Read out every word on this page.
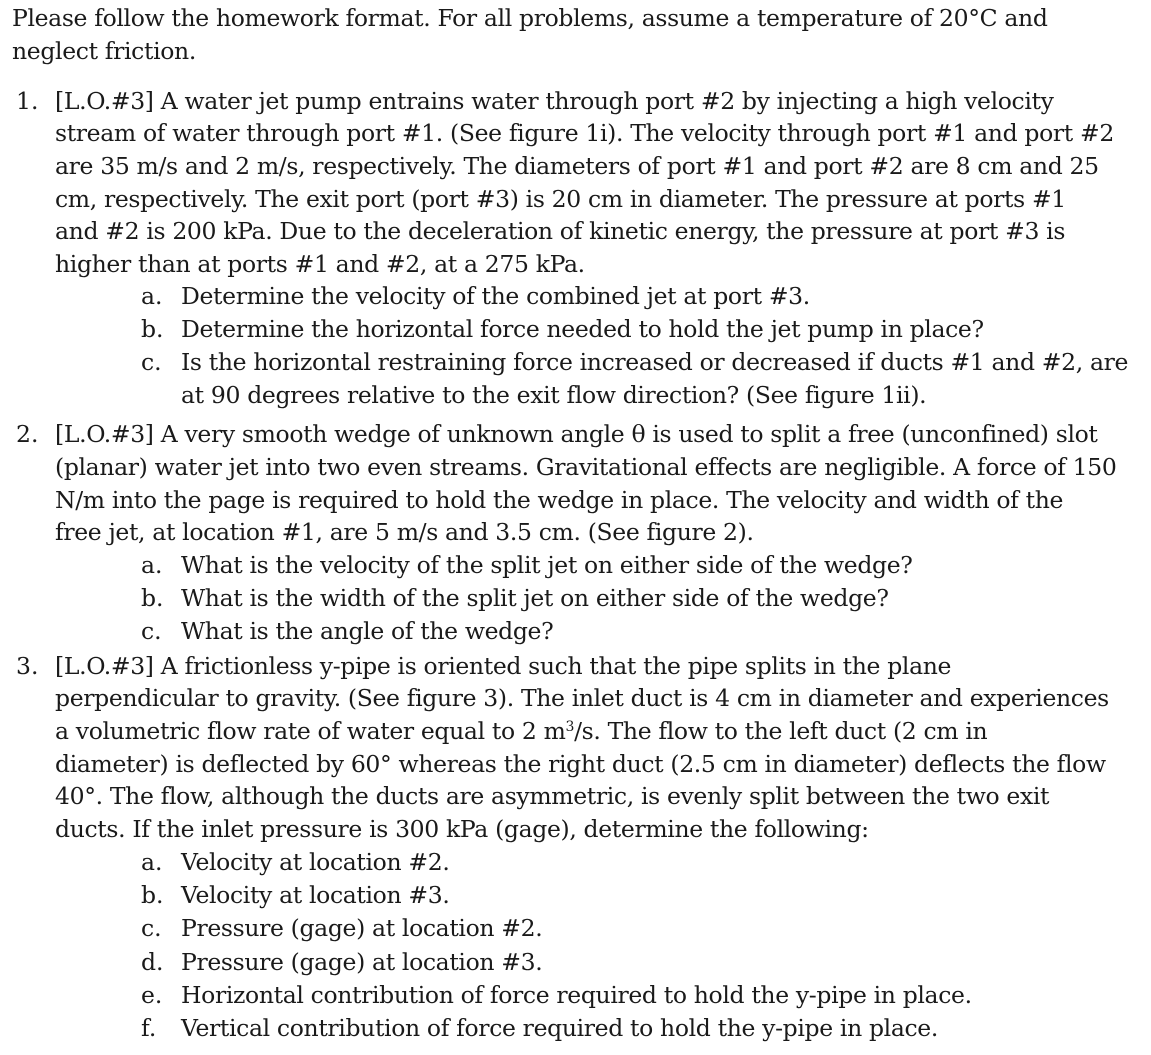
Please follow the homework format. For all problems, assume a temperature of 20°C and
neglect friction.
1. [L.O.#3] A water jet pump entrains water through port #2 by injecting a high velocity
stream of water through port #1. (See figure 1i). The velocity through port #1 and port #2
are 35 m/s and 2 m/s, respectively. The diameters of port #1 and port #2 are 8 cm and 25
cm, respectively. The exit port (port #3) is 20 cm in diameter. The pressure at ports #1
and #2 is 200 kPa. Due to the deceleration of kinetic energy, the pressure at port #3 is
higher than at ports #1 and #2, at a 275 kPa.
a. Determine the velocity of the combined jet at port #3.
b. Determine the horizontal force needed to hold the jet pump in place?
c. Is the horizontal restraining force increased or decreased if ducts #1 and #2, are
at 90 degrees relative to the exit flow direction? (See figure 1ii).
2. [L.O.#3] A very smooth wedge of unknown angle θ is used to split a free (unconfined) slot
(planar) water jet into two even streams. Gravitational effects are negligible. A force of 150
N/m into the page is required to hold the wedge in place. The velocity and width of the
free jet, at location #1, are 5 m/s and 3.5 cm. (See figure 2).
a. What is the velocity of the split jet on either side of the wedge?
b. What is the width of the split jet on either side of the wedge?
c. What is the angle of the wedge?
3. [L.O.#3] A frictionless y-pipe is oriented such that the pipe splits in the plane
perpendicular to gravity. (See figure 3). The inlet duct is 4 cm in diameter and experiences
a volumetric flow rate of water equal to 2 $m^3/s$. The flow to the left duct (2 cm in
diameter) is deflected by 60° whereas the right duct (2.5 cm in diameter) deflects the flow
40°. The flow, although the ducts are asymmetric, is evenly split between the two exit
ducts. If the inlet pressure is 300 kPa (gage), determine the following:
a. Velocity at location #2.
b. Velocity at location #3.
c. Pressure (gage) at location #2.
d. Pressure (gage) at location #3.
e. Horizontal contribution of force required to hold the y-pipe in place.
f. Vertical contribution of force required to hold the y-pipe in place.
